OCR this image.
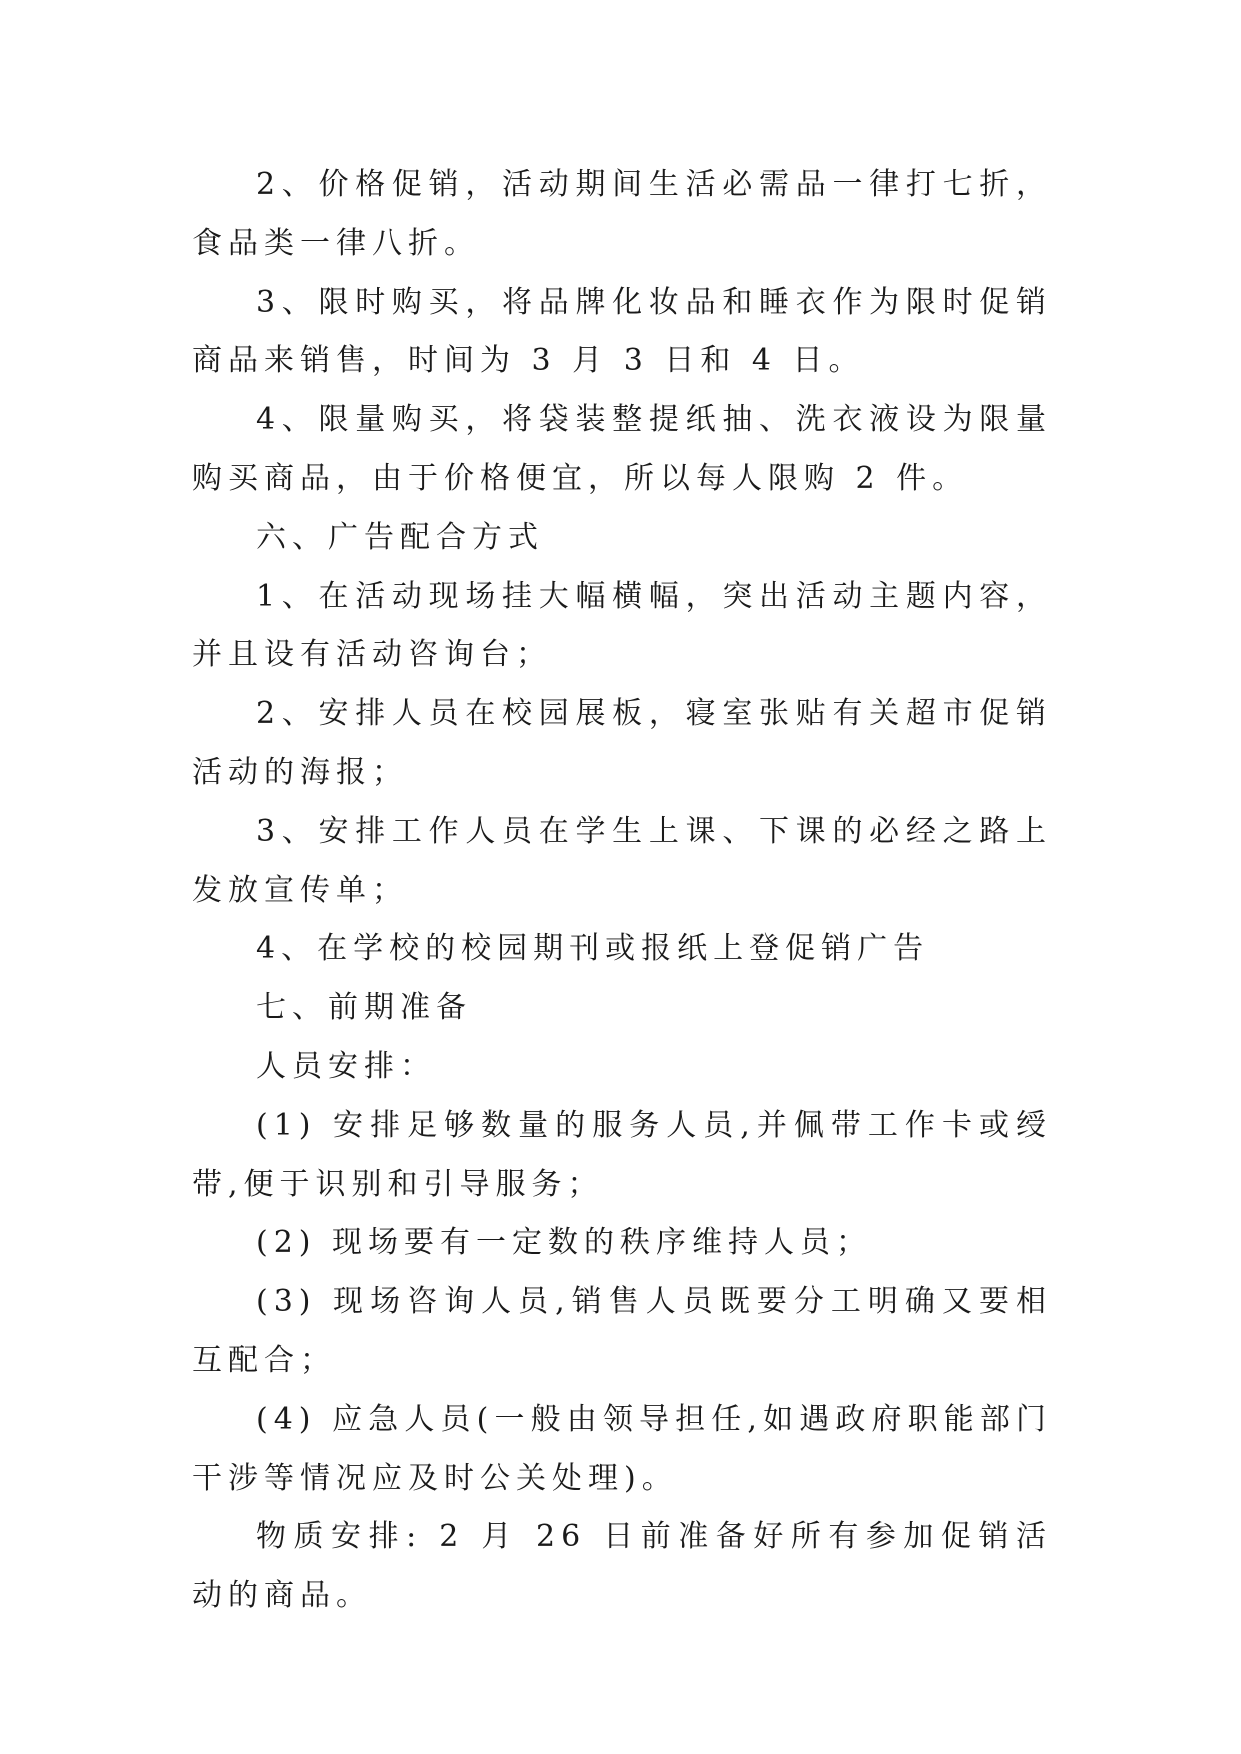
2、价格促销，活动期间生活必需品一律打七折，食品类一律八折。

3、限时购买，将品牌化妆品和睡衣作为限时促销商品来销售，时间为 3 月 3 日和 4 日。

4、限量购买，将袋装整提纸抽、洗衣液设为限量购买商品，由于价格便宜，所以每人限购 2 件。

六、广告配合方式

1、在活动现场挂大幅横幅，突出活动主题内容，并且设有活动咨询台；

2、安排人员在校园展板，寝室张贴有关超市促销活动的海报；

3、安排工作人员在学生上课、下课的必经之路上发放宣传单；

4、在学校的校园期刊或报纸上登促销广告

七、前期准备

人员安排：

(1) 安排足够数量的服务人员,并佩带工作卡或绶带,便于识别和引导服务；

(2) 现场要有一定数的秩序维持人员；

(3) 现场咨询人员,销售人员既要分工明确又要相互配合；

(4) 应急人员(一般由领导担任,如遇政府职能部门干涉等情况应及时公关处理)。

物质安排: 2 月 26 日前准备好所有参加促销活动的商品。
